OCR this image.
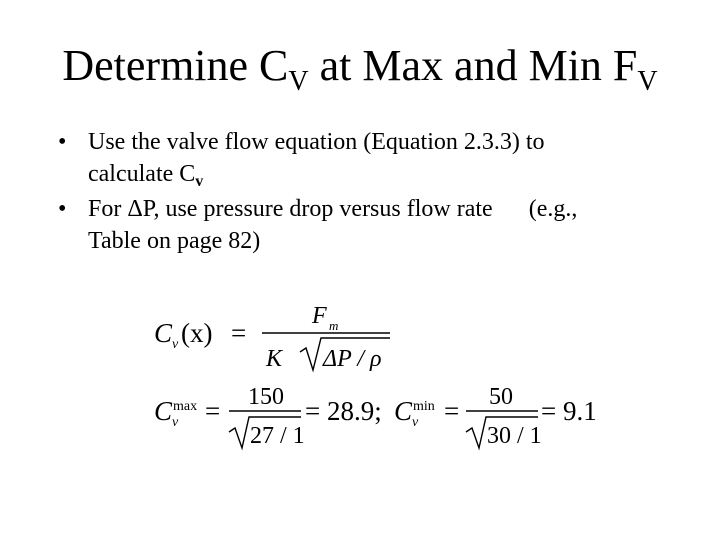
Determine $C_V$ at Max and Min $F_V$
• Use the valve flow equation (Equation 2.3.3) to
calculate $C_v$
• For ΔP, use pressure drop versus flow rate (e.g.,
Table on page 82)
C v (x) =
F m
K ΔP / ρ
C v
max = 150
27 / 1
= 28.9; C v
min = 50
30 / 1
= 9.1
